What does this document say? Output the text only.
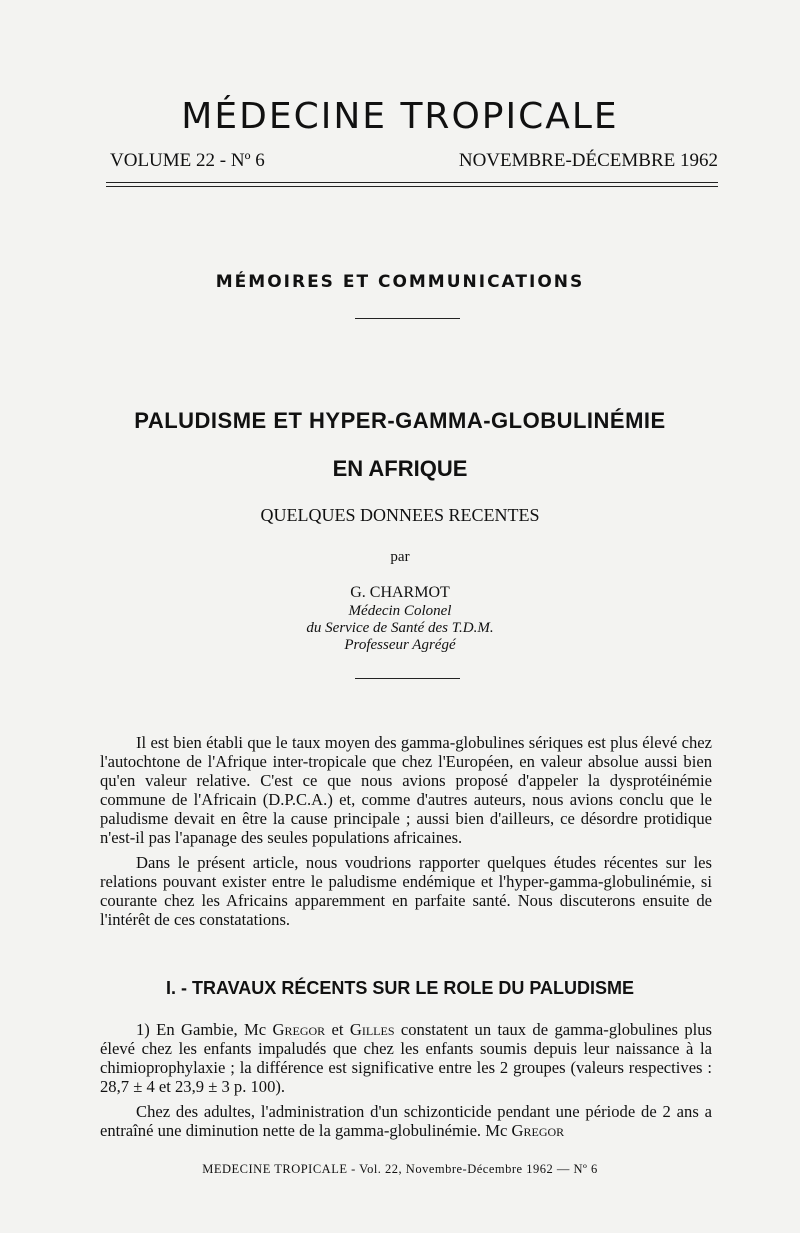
MÉDECINE TROPICALE
VOLUME 22 - Nº 6	NOVEMBRE-DÉCEMBRE 1962
MÉMOIRES ET COMMUNICATIONS
PALUDISME ET HYPER-GAMMA-GLOBULINÉMIE
EN AFRIQUE
QUELQUES DONNEES RECENTES
par
G. CHARMOT
Médecin Colonel
du Service de Santé des T.D.M.
Professeur Agrégé

Il est bien établi que le taux moyen des gamma-globulines sériques est plus élevé chez l'autochtone de l'Afrique inter-tropicale que chez l'Européen, en valeur absolue aussi bien qu'en valeur relative. C'est ce que nous avions proposé d'appeler la dysprotéinémie commune de l'Africain (D.P.C.A.) et, comme d'autres auteurs, nous avions conclu que le paludisme devait en être la cause principale ; aussi bien d'ailleurs, ce désordre protidique n'est-il pas l'apanage des seules populations africaines.

Dans le présent article, nous voudrions rapporter quelques études récentes sur les relations pouvant exister entre le paludisme endémique et l'hyper-gamma-globulinémie, si courante chez les Africains apparemment en parfaite santé. Nous discuterons ensuite de l'intérêt de ces constatations.

I. - TRAVAUX RÉCENTS SUR LE ROLE DU PALUDISME

1) En Gambie, Mc Gregor et Gilles constatent un taux de gamma-globulines plus élevé chez les enfants impaludés que chez les enfants soumis depuis leur naissance à la chimioprophylaxie ; la différence est significative entre les 2 groupes (valeurs respectives : 28,7 ± 4 et 23,9 ± 3 p. 100).

Chez des adultes, l'administration d'un schizonticide pendant une période de 2 ans a entraîné une diminution nette de la gamma-globulinémie. Mc Gregor

MEDECINE TROPICALE - Vol. 22, Novembre-Décembre 1962 — Nº 6
